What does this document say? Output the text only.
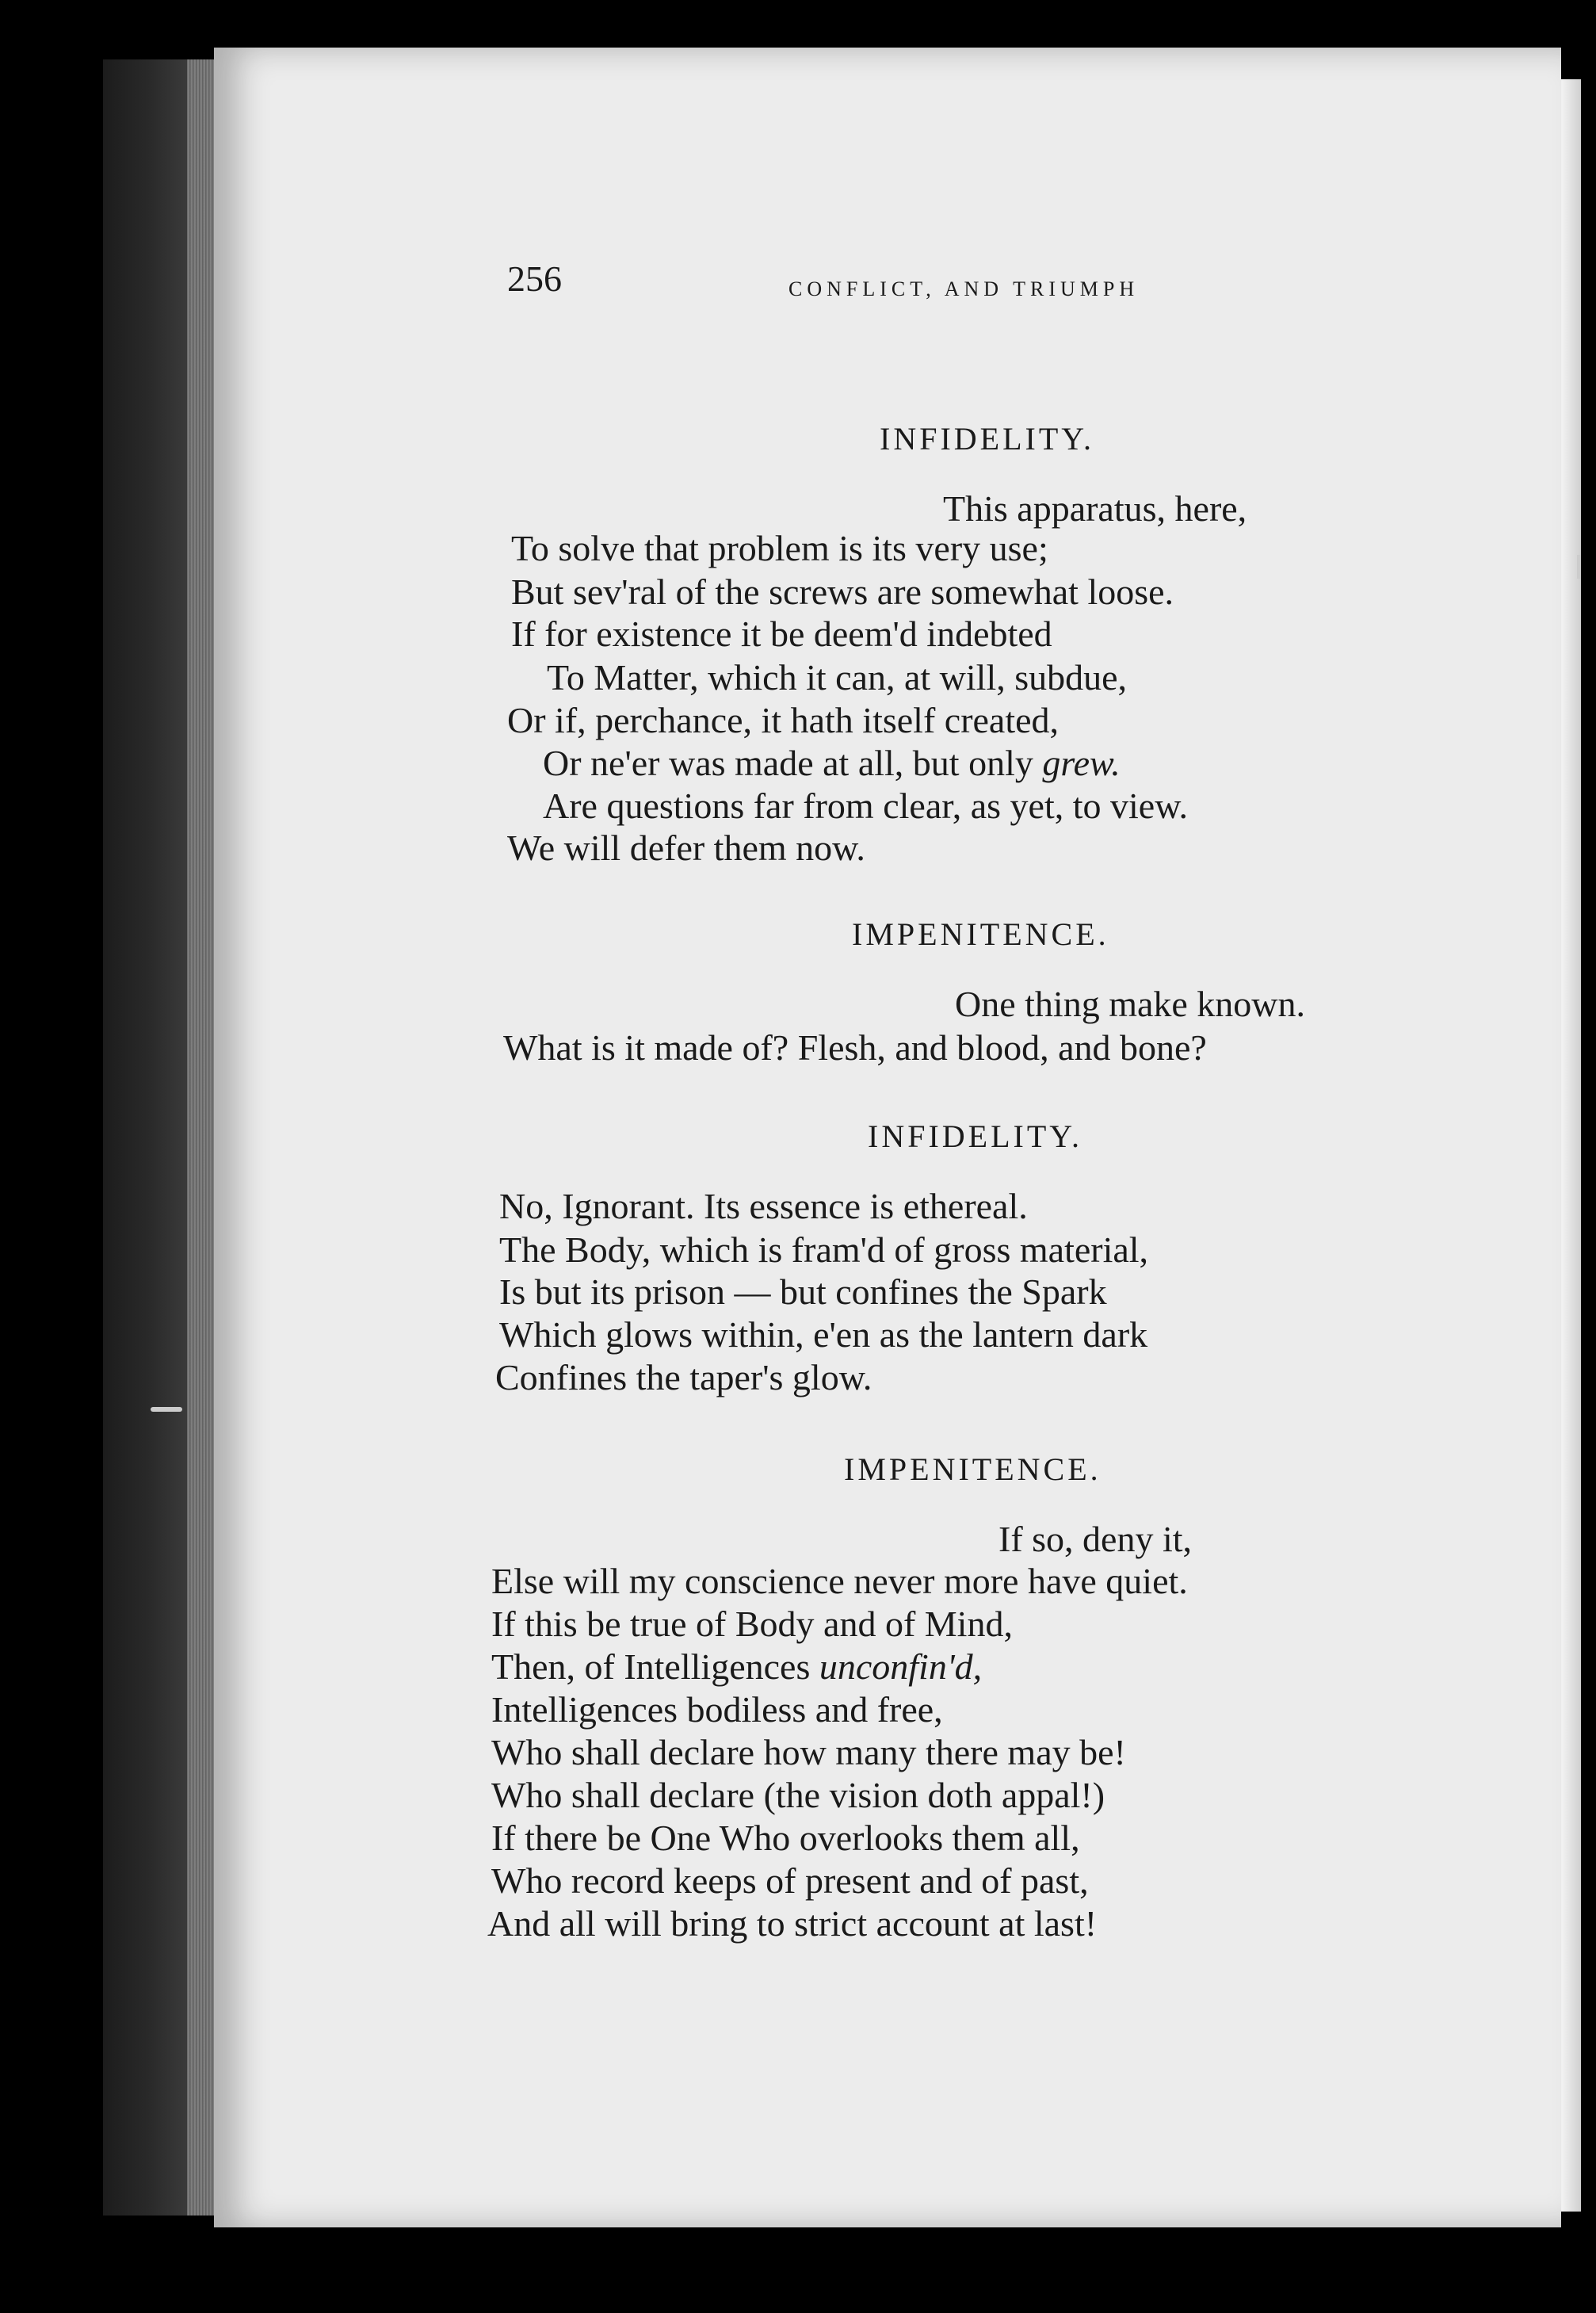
256	CONFLICT, AND TRIUMPH
INFIDELITY.
This apparatus, here,
To solve that problem is its very use;
But sev'ral of the screws are somewhat loose.
If for existence it be deem'd indebted
To Matter, which it can, at will, subdue,
Or if, perchance, it hath itself created,
Or ne'er was made at all, but only grew.
Are questions far from clear, as yet, to view.
We will defer them now.
IMPENITENCE.
One thing make known.
What is it made of? Flesh, and blood, and bone?
INFIDELITY.
No, Ignorant. Its essence is ethereal.
The Body, which is fram'd of gross material,
Is but its prison — but confines the Spark
Which glows within, e'en as the lantern dark
Confines the taper's glow.
IMPENITENCE.
If so, deny it,
Else will my conscience never more have quiet.
If this be true of Body and of Mind,
Then, of Intelligences unconfin'd,
Intelligences bodiless and free,
Who shall declare how many there may be!
Who shall declare (the vision doth appal!)
If there be One Who overlooks them all,
Who record keeps of present and of past,
And all will bring to strict account at last!
